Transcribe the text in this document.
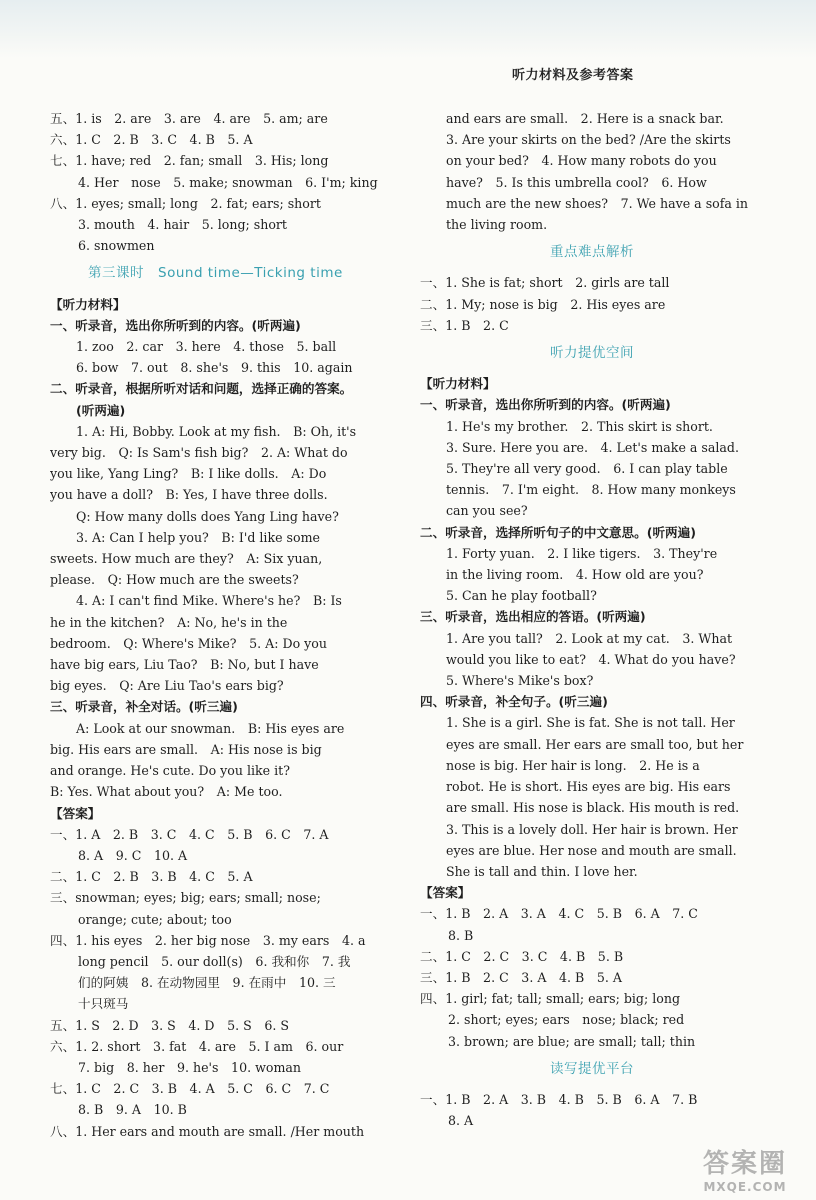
听力材料及参考答案
五、1. is　2. are　3. are　4. are　5. am; are
六、1. C　2. B　3. C　4. B　5. A
七、1. have; red　2. fan; small　3. His; long
4. Her　nose　5. make; snowman　6. I'm; king
八、1. eyes; small; long　2. fat; ears; short
3. mouth　4. hair　5. long; short
6. snowmen
第三课时　Sound time—Ticking time
【听力材料】
一、听录音，选出你所听到的内容。(听两遍)
1. zoo　2. car　3. here　4. those　5. ball
6. bow　7. out　8. she's　9. this　10. again
二、听录音，根据所听对话和问题，选择正确的答案。
(听两遍)
1. A: Hi, Bobby. Look at my fish.　B: Oh, it's
very big.　Q: Is Sam's fish big?　2. A: What do
you like, Yang Ling?　B: I like dolls.　A: Do
you have a doll?　B: Yes, I have three dolls.
Q: How many dolls does Yang Ling have?
3. A: Can I help you?　B: I'd like some
sweets. How much are they?　A: Six yuan,
please.　Q: How much are the sweets?
4. A: I can't find Mike. Where's he?　B: Is
he in the kitchen?　A: No, he's in the
bedroom.　Q: Where's Mike?　5. A: Do you
have big ears, Liu Tao?　B: No, but I have
big eyes.　Q: Are Liu Tao's ears big?
三、听录音，补全对话。(听三遍)
A: Look at our snowman.　B: His eyes are
big. His ears are small.　A: His nose is big
and orange. He's cute. Do you like it?
B: Yes. What about you?　A: Me too.
【答案】
一、1. A　2. B　3. C　4. C　5. B　6. C　7. A
8. A　9. C　10. A
二、1. C　2. B　3. B　4. C　5. A
三、snowman; eyes; big; ears; small; nose;
orange; cute; about; too
四、1. his eyes　2. her big nose　3. my ears　4. a
long pencil　5. our doll(s)　6. 我和你　7. 我
们的阿姨　8. 在动物园里　9. 在雨中　10. 三
十只斑马
五、1. S　2. D　3. S　4. D　5. S　6. S
六、1. 2. short　3. fat　4. are　5. I am　6. our
7. big　8. her　9. he's　10. woman
七、1. C　2. C　3. B　4. A　5. C　6. C　7. C
8. B　9. A　10. B
八、1. Her ears and mouth are small. /Her mouth
and ears are small.　2. Here is a snack bar.
3. Are your skirts on the bed? /Are the skirts
on your bed?　4. How many robots do you
have?　5. Is this umbrella cool?　6. How
much are the new shoes?　7. We have a sofa in
the living room.
重点难点解析
一、1. She is fat; short　2. girls are tall
二、1. My; nose is big　2. His eyes are
三、1. B　2. C
听力提优空间
【听力材料】
一、听录音，选出你所听到的内容。(听两遍)
1. He's my brother.　2. This skirt is short.
3. Sure. Here you are.　4. Let's make a salad.
5. They're all very good.　6. I can play table
tennis.　7. I'm eight.　8. How many monkeys
can you see?
二、听录音，选择所听句子的中文意思。(听两遍)
1. Forty yuan.　2. I like tigers.　3. They're
in the living room.　4. How old are you?
5. Can he play football?
三、听录音，选出相应的答语。(听两遍)
1. Are you tall?　2. Look at my cat.　3. What
would you like to eat?　4. What do you have?
5. Where's Mike's box?
四、听录音，补全句子。(听三遍)
1. She is a girl. She is fat. She is not tall. Her
eyes are small. Her ears are small too, but her
nose is big. Her hair is long.　2. He is a
robot. He is short. His eyes are big. His ears
are small. His nose is black. His mouth is red.
3. This is a lovely doll. Her hair is brown. Her
eyes are blue. Her nose and mouth are small.
She is tall and thin. I love her.
【答案】
一、1. B　2. A　3. A　4. C　5. B　6. A　7. C
8. B
二、1. C　2. C　3. C　4. B　5. B
三、1. B　2. C　3. A　4. B　5. A
四、1. girl; fat; tall; small; ears; big; long
2. short; eyes; ears　nose; black; red
3. brown; are blue; are small; tall; thin
读写提优平台
一、1. B　2. A　3. B　4. B　5. B　6. A　7. B
8. A
答案圈
MXQE.COM
